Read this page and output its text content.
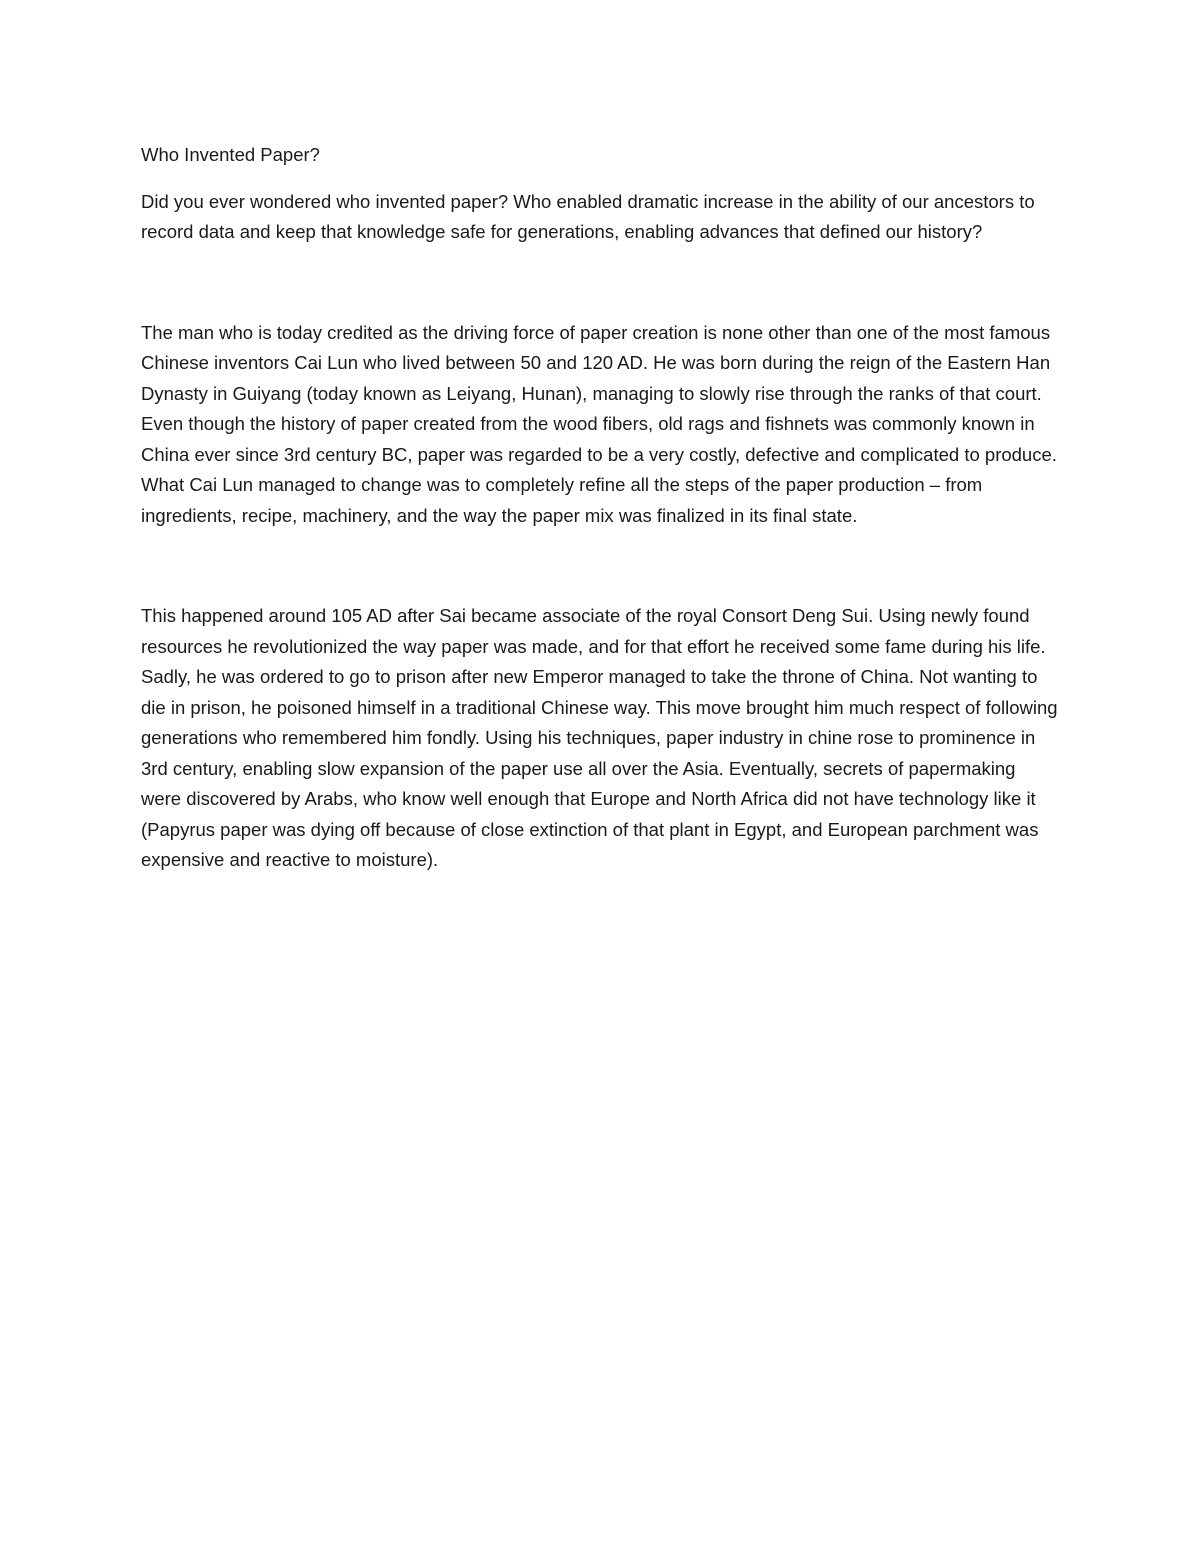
Who Invented Paper?

Did you ever wondered who invented paper? Who enabled dramatic increase in the ability of our ancestors to record data and keep that knowledge safe for generations, enabling advances that defined our history?

The man who is today credited as the driving force of paper creation is none other than one of the most famous Chinese inventors Cai Lun who lived between 50 and 120 AD. He was born during the reign of the Eastern Han Dynasty in Guiyang (today known as Leiyang, Hunan), managing to slowly rise through the ranks of that court. Even though the history of paper created from the wood fibers, old rags and fishnets was commonly known in China ever since 3rd century BC, paper was regarded to be a very costly, defective and complicated to produce. What Cai Lun managed to change was to completely refine all the steps of the paper production – from ingredients, recipe, machinery, and the way the paper mix was finalized in its final state.

This happened around 105 AD after Sai became associate of the royal Consort Deng Sui. Using newly found resources he revolutionized the way paper was made, and for that effort he received some fame during his life. Sadly, he was ordered to go to prison after new Emperor managed to take the throne of China. Not wanting to die in prison, he poisoned himself in a traditional Chinese way. This move brought him much respect of following generations who remembered him fondly. Using his techniques, paper industry in chine rose to prominence in 3rd century, enabling slow expansion of the paper use all over the Asia. Eventually, secrets of papermaking were discovered by Arabs, who know well enough that Europe and North Africa did not have technology like it (Papyrus paper was dying off because of close extinction of that plant in Egypt, and European parchment was expensive and reactive to moisture).
